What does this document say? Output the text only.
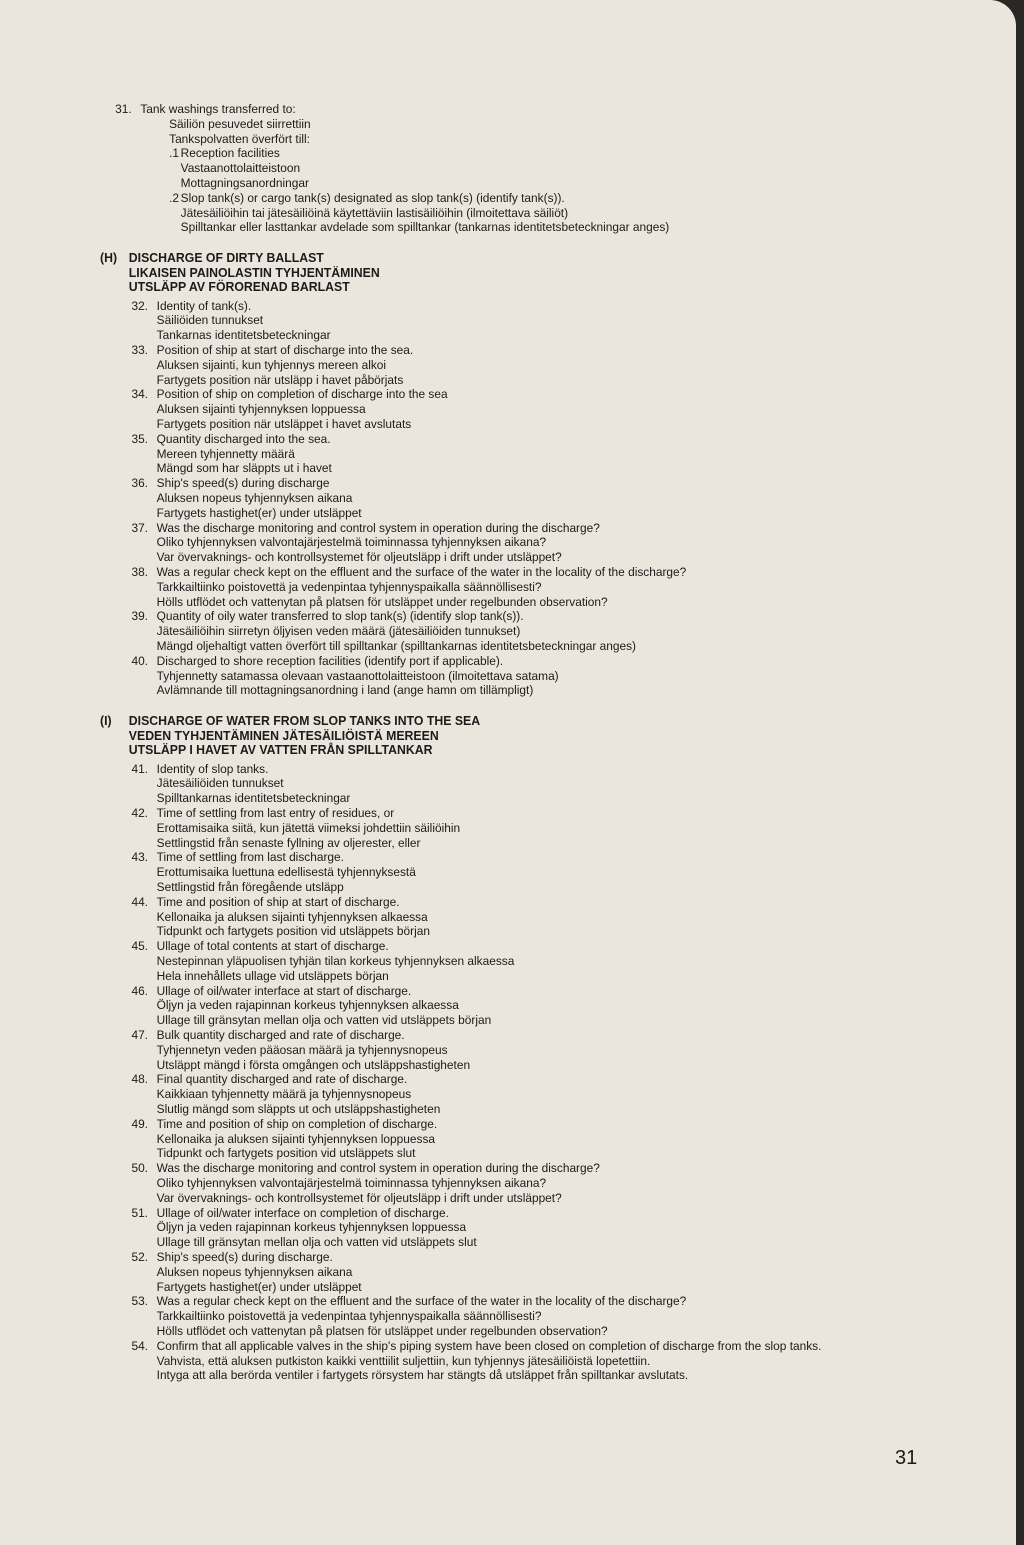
31. Tank washings transferred to:
Säiliön pesuvedet siirrettiin
Tankspolvatten överfört till:
.1 Reception facilities
Vastaanottolaitteistoon
Mottagningsanordningar
.2 Slop tank(s) or cargo tank(s) designated as slop tank(s) (identify tank(s)).
Jätesäiliöihin tai jätesäiliöinä käytettäviin lastisäiliöihin (ilmoitettava säiliöt)
Spilltankar eller lasttankar avdelade som spilltankar (tankarnas identitetsbeteckningar anges)
(H) DISCHARGE OF DIRTY BALLAST
LIKAISEN PAINOLASTIN TYHJENTÄMINEN
UTSLÄPP AV FÖRORENAD BARLAST
32. Identity of tank(s).
Säiliöiden tunnukset
Tankarnas identitetsbeteckningar
33. Position of ship at start of discharge into the sea.
Aluksen sijainti, kun tyhjennys mereen alkoi
Fartygets position när utsläpp i havet påbörjats
34. Position of ship on completion of discharge into the sea
Aluksen sijainti tyhjennyksen loppuessa
Fartygets position när utsläppet i havet avslutats
35. Quantity discharged into the sea.
Mereen tyhjennetty määrä
Mängd som har släppts ut i havet
36. Ship's speed(s) during discharge
Aluksen nopeus tyhjennyksen aikana
Fartygets hastighet(er) under utsläppet
37. Was the discharge monitoring and control system in operation during the discharge?
Oliko tyhjennyksen valvontajärjestelmä toiminnassa tyhjennyksen aikana?
Var övervaknings- och kontrollsystemet för oljeutsläpp i drift under utsläppet?
38. Was a regular check kept on the effluent and the surface of the water in the locality of the discharge?
Tarkkailtiinko poistovettä ja vedenpintaa tyhjennyspaikalla säännöllisesti?
Hölls utflödet och vattenytan på platsen för utsläppet under regelbunden observation?
39. Quantity of oily water transferred to slop tank(s) (identify slop tank(s)).
Jätesäiliöihin siirretyn öljyisen veden määrä (jätesäiliöiden tunnukset)
Mängd oljehaltigt vatten överfört till spilltankar (spilltankarnas identitetsbeteckningar anges)
40. Discharged to shore reception facilities (identify port if applicable).
Tyhjennetty satamassa olevaan vastaanottolaitteistoon (ilmoitettava satama)
Avlämnande till mottagningsanordning i land (ange hamn om tillämpligt)
(I)	DISCHARGE OF WATER FROM SLOP TANKS INTO THE SEA
VEDEN TYHJENTÄMINEN JÄTESÄILIÖISTÄ MEREEN
UTSLÄPP I HAVET AV VATTEN FRÅN SPILLTANKAR
41. Identity of slop tanks.
Jätesäiliöiden tunnukset
Spilltankarnas identitetsbeteckningar
42. Time of settling from last entry of residues, or
Erottamisaika siitä, kun jätettä viimeksi johdettiin säiliöihin
Settlingstid från senaste fyllning av oljerester, eller
43. Time of settling from last discharge.
Erottumisaika luettuna edellisestä tyhjennyksestä
Settlingstid från föregående utsläpp
44. Time and position of ship at start of discharge.
Kellonaika ja aluksen sijainti tyhjennyksen alkaessa
Tidpunkt och fartygets position vid utsläppets början
45. Ullage of total contents at start of discharge.
Nestepinnan yläpuolisen tyhjän tilan korkeus tyhjennyksen alkaessa
Hela innehållets ullage vid utsläppets början
46. Ullage of oil/water interface at start of discharge.
Öljyn ja veden rajapinnan korkeus tyhjennyksen alkaessa
Ullage till gränsytan mellan olja och vatten vid utsläppets början
47. Bulk quantity discharged and rate of discharge.
Tyhjennetyn veden pääosan määrä ja tyhjennysnopeus
Utsläppt mängd i första omgången och utsläppshastigheten
48. Final quantity discharged and rate of discharge.
Kaikkiaan tyhjennetty määrä ja tyhjennysnopeus
Slutlig mängd som släppts ut och utsläppshastigheten
49. Time and position of ship on completion of discharge.
Kellonaika ja aluksen sijainti tyhjennyksen loppuessa
Tidpunkt och fartygets position vid utsläppets slut
50. Was the discharge monitoring and control system in operation during the discharge?
Oliko tyhjennyksen valvontajärjestelmä toiminnassa tyhjennyksen aikana?
Var övervaknings- och kontrollsystemet för oljeutsläpp i drift under utsläppet?
51. Ullage of oil/water interface on completion of discharge.
Öljyn ja veden rajapinnan korkeus tyhjennyksen loppuessa
Ullage till gränsytan mellan olja och vatten vid utsläppets slut
52. Ship's speed(s) during discharge.
Aluksen nopeus tyhjennyksen aikana
Fartygets hastighet(er) under utsläppet
53. Was a regular check kept on the effluent and the surface of the water in the locality of the discharge?
Tarkkailtiinko poistovettä ja vedenpintaa tyhjennyspaikalla säännöllisesti?
Hölls utflödet och vattenytan på platsen för utsläppet under regelbunden observation?
54. Confirm that all applicable valves in the ship's piping system have been closed on completion of discharge from the slop tanks.
Vahvista, että aluksen putkiston kaikki venttiilit suljettiin, kun tyhjennys jätesäiliöistä lopetettiin.
Intyga att alla berörda ventiler i fartygets rörsystem har stängts då utsläppet från spilltankar avslutats.
31
